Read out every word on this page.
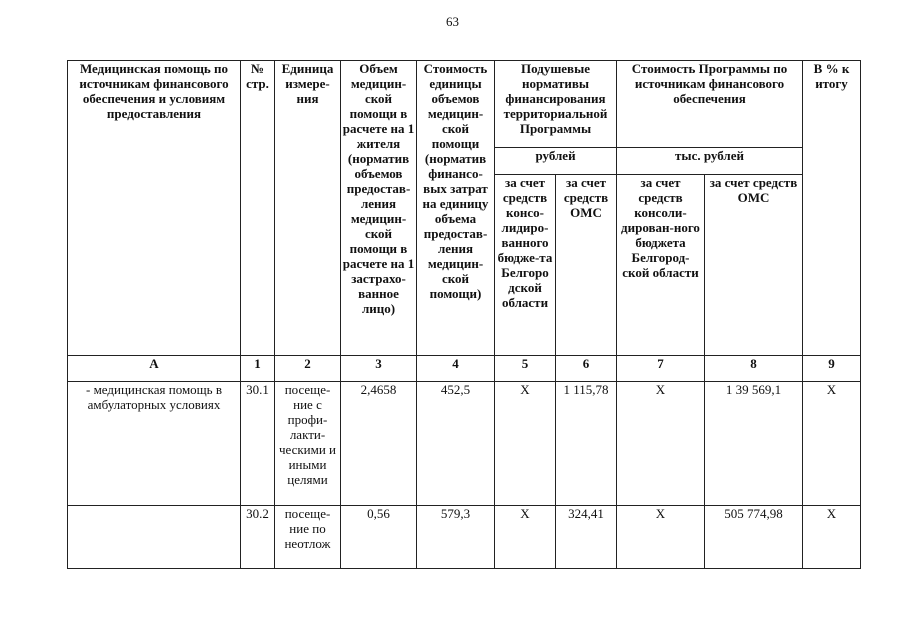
63
Медицинская помощь по источникам финансового обеспечения и условиям предоставления	№ стр.	Единица измере-ния	Объем медицин-ской помощи в расчете на 1 жителя (норматив объемов предостав-ления медицин-ской помощи в расчете на 1 застрахо-ванное лицо)	Стоимость единицы объемов медицин-ской помощи (норматив финансо-вых затрат на единицу объема предостав-ления медицин-ской помощи)	Подушевые нормативы финансирования территориальной Программы		Стоимость Программы по источникам финансового обеспечения		В % к итогу
					рублей		тыс. рублей		
					за счет средств консо-лидиро-ванного бюдже-та Белгоро дской области	за счет средств ОМС	за счет средств консоли-дирован-ного бюджета Белгород-ской области	за счет средств ОМС	
А	1	2	3	4	5	6	7	8	9
- медицинская помощь в амбулаторных условиях	30.1	посеще-ние с профи-лакти-ческими и иными целями	2,4658	452,5	Х	1 115,78	Х	1 39 569,1	Х
	30.2	посеще-ние по неотлож	0,56	579,3	Х	324,41	Х	505 774,98	Х
